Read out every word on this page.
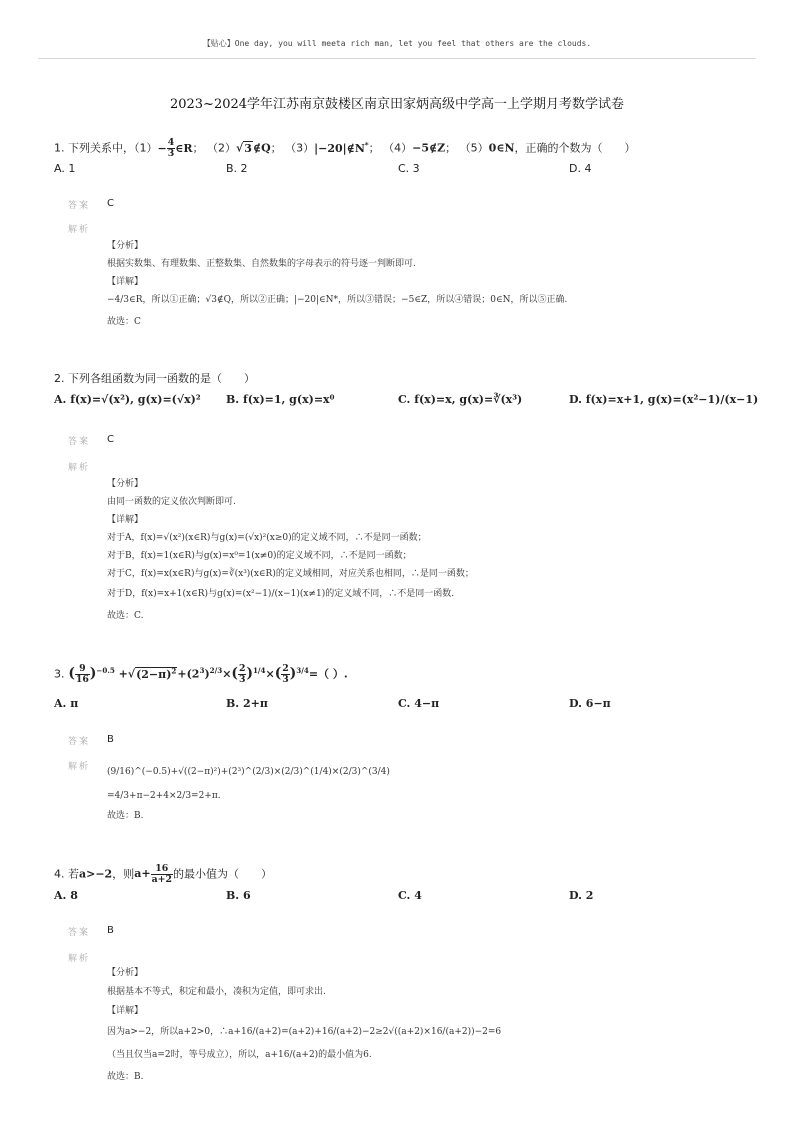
【贴心】One day, you will meeta rich man, let you feel that others are the clouds.
2023~2024学年江苏南京鼓楼区南京田家炳高级中学高一上学期月考数学试卷
1. 下列关系中，$(1)- \frac{4}{3}$ ∈R； （2）√3∉Q； （3）|−20|∉N*； （4）−5∉Z； （5）0∈N，正确的个数为（　　）
A. 1	B. 2	C. 3	D. 4
答案 C
解析
【分析】
根据实数集、有理数集、正整数集、自然数集的字母表示的符号逐一判断即可.
【详解】
−4/3∈R，所以①正确；√3∉Q，所以②正确；|−20|∈N*，所以③错误；−5∈Z，所以④错误；0∈N，所以⑤正确.
故选：C
2. 下列各组函数为同一函数的是（　　）
A. f(x)=√(x²), g(x)=(√x)² B. f(x)=1, g(x)=x⁰	C. f(x)=x, g(x)=∛(x³)	D. f(x)=x+1, g(x)=(x²−1)/(x−1)
答案 C
解析
【分析】
由同一函数的定义依次判断即可.
【详解】
对于A，f(x)=√(x²)(x∈R)与g(x)=(√x)²(x≥0)的定义域不同，∴不是同一函数；
对于B，f(x)=1(x∈R)与g(x)=x⁰=1(x≠0)的定义域不同，∴不是同一函数；
对于C，f(x)=x(x∈R)与g(x)=∛(x³)(x∈R)的定义域相同，对应关系也相同，∴是同一函数；
对于D，f(x)=x+1(x∈R)与g(x)=(x²−1)/(x−1)(x≠1)的定义域不同，∴不是同一函数.
故选：C.
3. ( $\frac{9}{16} )^{-0.5} +√(2-\pi)^2+(2^3)^{2/3}\times( \frac{2}{3} )^{1/4}\times( \frac{2}{3} )^{3/4}=$（ ）.
A. π	B. 2+π	C. 4−π	D. 6−π
答案 B
解析 (9/16)^(−0.5)+√((2−π)²)+(2³)^(2/3)×(2/3)^(1/4)×(2/3)^(3/4)
=4/3+π−2+4×2/3=2+π.
故选：B.
4. 若a>−2，则$a+ \frac{16}{a+2}$ 的最小值为（　　）
A. 8	B. 6	C. 4	D. 2
答案 B
解析
【分析】
根据基本不等式，积定和最小，凑积为定值，即可求出.
【详解】
因为a>−2，所以a+2>0，∴a+16/(a+2)=(a+2)+16/(a+2)−2≥2√((a+2)×16/(a+2))−2=6
（当且仅当a=2时，等号成立），所以，a+16/(a+2)的最小值为6.
故选：B.
